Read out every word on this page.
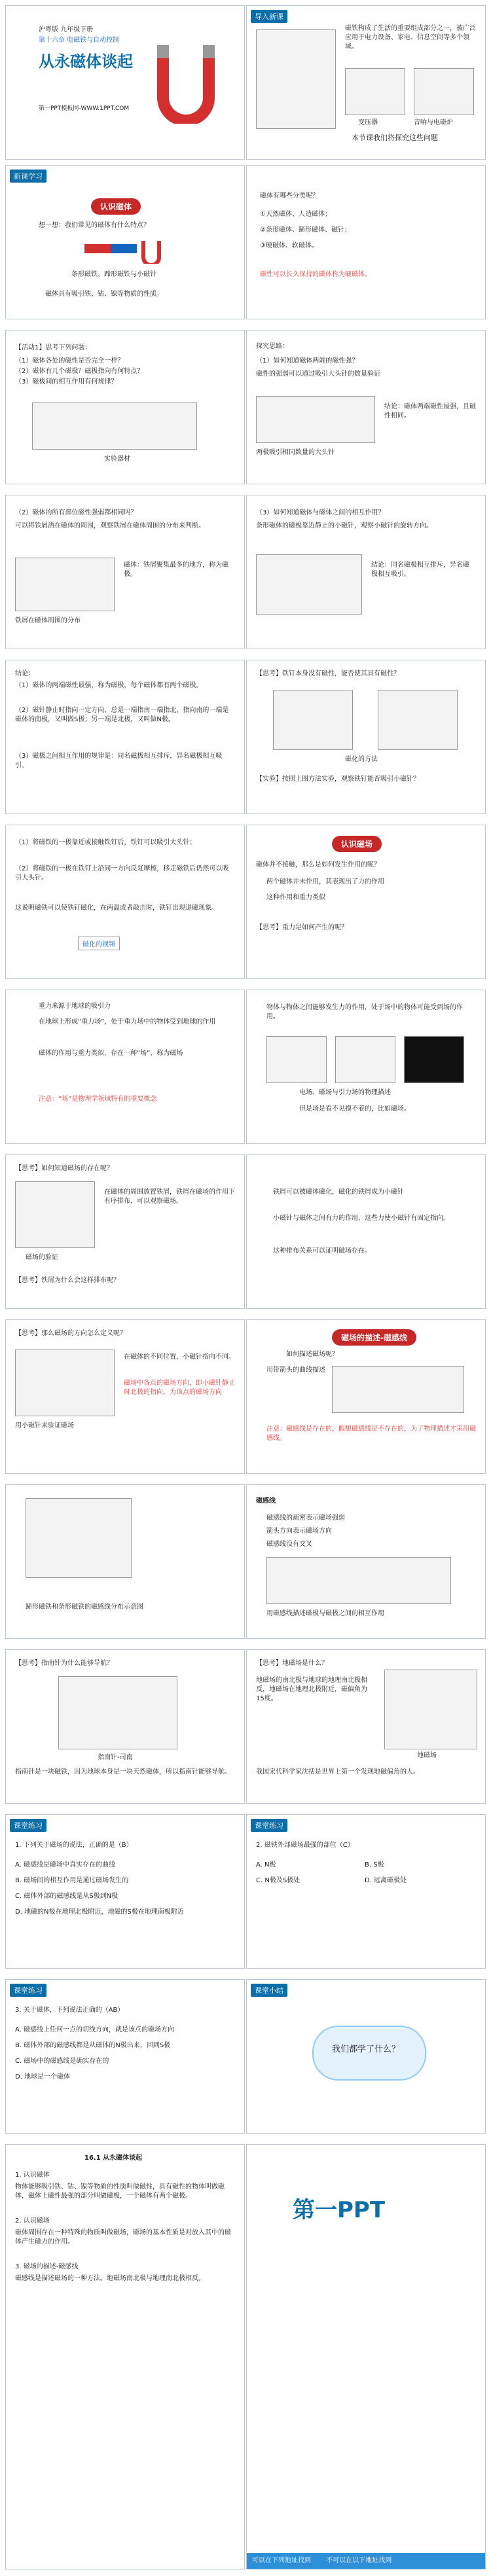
沪粤版 九年级下册
第十六章 电磁铁与自动控制
从永磁体谈起
第一PPT模板网-WWW.1PPT.COM
导入新课
磁铁构成了生活的重要组成部分之一，被广泛应用于电力设备、家电、信息空间等多个领域。
变压器	音响与电磁炉
本节课我们将探究这些问题
新课学习
认识磁体
想一想：我们常见的磁体有什么特点？
条形磁铁、蹄形磁铁与小磁针
磁体具有吸引铁、钴、镍等物质的性质。
磁体有哪些分类呢？
①天然磁体、人造磁体；
②条形磁体、蹄形磁体、磁针；
③硬磁体、软磁体。
磁性可以长久保持的磁体称为硬磁体。
【活动1】思考下列问题：
（1）磁体各处的磁性是否完全一样？
（2）磁体有几个磁极？磁极指向有何特点？
（3）磁极间的相互作用有何规律？
实验器材
探究思路：
（1）如何知道磁体两端的磁性强？
磁性的强弱可以通过吸引大头针的数量验证
两极吸引相同数量的大头针
结论：磁体两端磁性最强，且磁性相同。
（2）磁体的所有部位磁性强弱都相同吗？
可以将铁屑洒在磁体的周围，观察铁屑在磁体周围的分布来判断。
磁体：铁屑聚集最多的地方，称为磁极。
铁屑在磁体周围的分布
（3）如何知道磁体与磁体之间的相互作用？
条形磁体的磁极靠近静止的小磁针，观察小磁针的旋转方向。
结论：同名磁极相互排斥，异名磁极相互吸引。
结论：
（1）磁体的两端磁性最强，称为磁极，每个磁体都有两个磁极。
（2）磁针静止时指向一定方向，总是一端指南一端指北，指向南的一端是磁体的南极，又叫做S极；另一端是北极，又叫做N极。
（3）磁极之间相互作用的规律是：同名磁极相互排斥，异名磁极相互吸引。
【思考】铁钉本身没有磁性，能否使其具有磁性？
磁化的方法
【实验】按照上图方法实验，观察铁钉能否吸引小磁针？
（1）将磁铁的一极靠近或接触铁钉后，铁钉可以吸引大头针；
（2）将磁铁的一极在铁钉上沿同一方向反复摩擦，移走磁铁后仍然可以吸引大头针。
这说明磁铁可以使铁钉磁化，在两温或者敲击时，铁钉出现退磁现象。
磁化的视频
认识磁场
磁体并不接触，那么是如何发生作用的呢？
两个磁体并未作用，其表现出了力的作用
这种作用和重力类似
【思考】重力是如何产生的呢？
重力来源于地球的吸引力
在地球上形成“重力场”，处于重力场中的物体受到地球的作用
磁体的作用与重力类似，存在一种“场”，称为磁场
注意：“场”是物理学领域特有的重要概念
物体与物体之间能够发生力的作用，处于场中的物体可能受到场的作用。
电场、磁场与引力场的物理描述
但是场是看不见摸不着的，比如磁场。
【思考】如何知道磁场的存在呢？
在磁体的周围放置铁屑，铁屑在磁场的作用下有序排布，可以观察磁场。
磁场的验证
【思考】铁屑为什么会这样排布呢？
铁屑可以被磁体磁化，磁化的铁屑成为小磁针
小磁针与磁体之间有力的作用，这些力使小磁针有固定指向。
这种排布关系可以证明磁场存在。
【思考】那么磁场的方向怎么定义呢？
在磁体的不同位置，小磁针指向不同。
磁场中各点的磁场方向，即小磁针静止时北极的指向，为该点的磁场方向
用小磁针来验证磁场
磁场的描述-磁感线
如何描述磁场呢？
用带箭头的曲线描述
注意：磁感线是存在的，假想磁感线是不存在的，为了物理描述才采用磁感线。
蹄形磁铁和条形磁铁的磁感线分布示意图
磁感线
磁感线的疏密表示磁场强弱
箭头方向表示磁场方向
磁感线没有交叉
用磁感线描述磁极与磁极之间的相互作用
【思考】指南针为什么能够导航？
指南针-司南
指南针是一块磁铁，因为地球本身是一块天然磁体，所以指南针能够导航。
【思考】地磁场是什么？
地磁场的南北极与地球的地理南北极相反，地磁场在地理北极附近，磁偏角为15度。
地磁场
我国宋代科学家沈括是世界上第一个发现地磁偏角的人。
课堂练习
1. 下列关于磁场的说法，正确的是（B）
A. 磁感线是磁场中真实存在的曲线
B. 磁场间的相互作用是通过磁场发生的
C. 磁体外部的磁感线是从S极到N极
D. 地磁的N极在地理北极附近，地磁的S极在地理南极附近
课堂练习
2. 磁铁外部磁场最强的部位（C）
A. N极	B. S极
C. N极及S极处	D. 远离磁极处
课堂练习
3. 关于磁体，下列说法正确的（AB）
A. 磁感线上任何一点的切线方向，就是该点的磁场方向
B. 磁体外部的磁感线都是从磁体的N极出来，回到S极
C. 磁场中的磁感线是确实存在的
D. 地球是一个磁体
课堂小结
我们都学了什么？
16.1 从永磁体谈起
1. 认识磁体
物体能够吸引铁、钴、镍等物质的性质叫做磁性，具有磁性的物体叫做磁体，磁体上磁性最强的部分叫做磁极，一个磁体有两个磁极。
2. 认识磁场
磁体周围存在一种特殊的物质叫做磁场，磁场的基本性质是对放入其中的磁体产生磁力的作用。
3. 磁场的描述-磁感线
磁感线是描述磁场的一种方法。地磁场南北极与地理南北极相反。
第一PPT
可以在下列地址找到 不可以在以下地址找到
